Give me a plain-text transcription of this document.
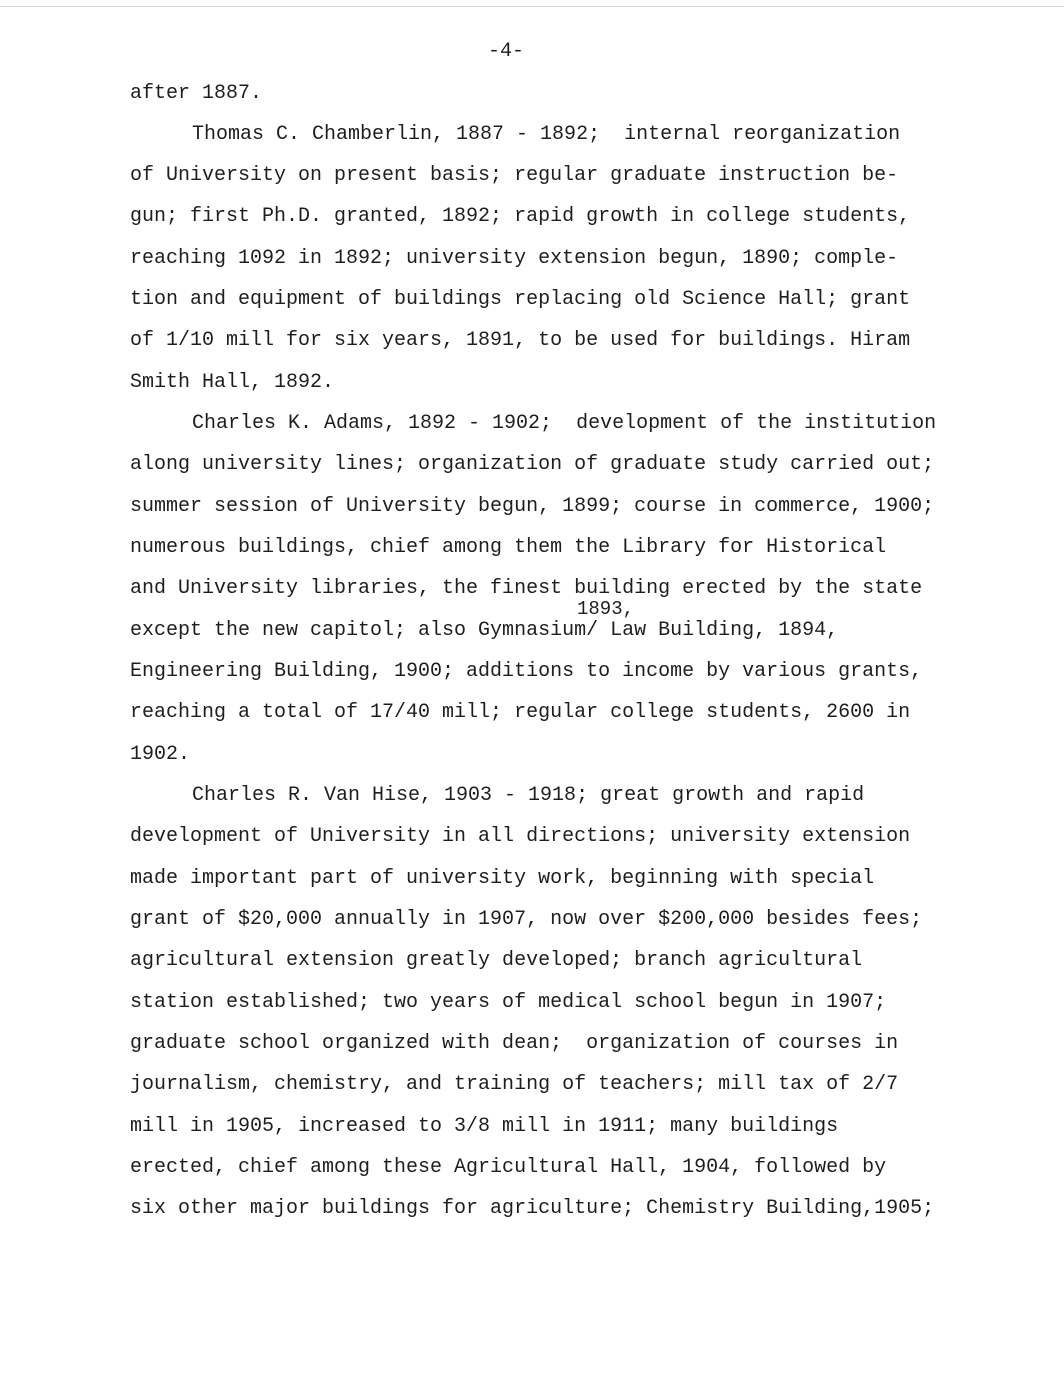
-4-
after 1887.
Thomas C. Chamberlin, 1887 - 1892;  internal reorganization
of University on present basis; regular graduate instruction be-
gun; first Ph.D. granted, 1892; rapid growth in college students,
reaching 1092 in 1892; university extension begun, 1890; comple-
tion and equipment of buildings replacing old Science Hall; grant
of 1/10 mill for six years, 1891, to be used for buildings. Hiram
Smith Hall, 1892.
Charles K. Adams, 1892 - 1902;  development of the institution
along university lines; organization of graduate study carried out;
summer session of University begun, 1899; course in commerce, 1900;
numerous buildings, chief among them the Library for Historical
and University libraries, the finest building erected by the state
except the new capitol; also Gymnasium/ Law Building, 1894,
Engineering Building, 1900; additions to income by various grants,
reaching a total of 17/40 mill; regular college students, 2600 in
1902.
Charles R. Van Hise, 1903 - 1918; great growth and rapid
development of University in all directions; university extension
made important part of university work, beginning with special
grant of $20,000 annually in 1907, now over $200,000 besides fees;
agricultural extension greatly developed; branch agricultural
station established; two years of medical school begun in 1907;
graduate school organized with dean;  organization of courses in
journalism, chemistry, and training of teachers; mill tax of 2/7
mill in 1905, increased to 3/8 mill in 1911; many buildings
erected, chief among these Agricultural Hall, 1904, followed by
six other major buildings for agriculture; Chemistry Building,1905;
1893,
